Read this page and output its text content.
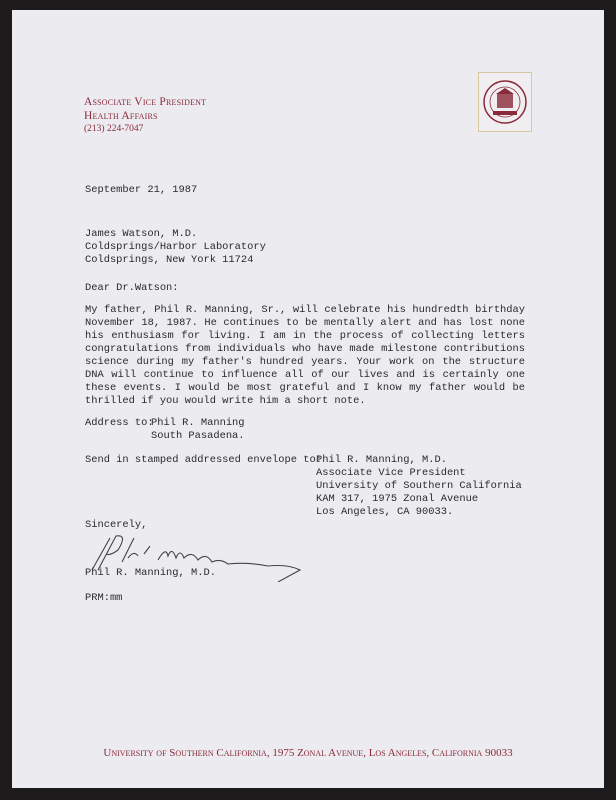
Associate Vice President
Health Affairs
(213) 224-7047
September 21, 1987
James Watson, M.D.
Coldsprings/Harbor Laboratory
Coldsprings, New York 11724
Dear Dr.Watson:
My father, Phil R. Manning, Sr., will celebrate his hundredth birthday
November 18, 1987. He continues to be mentally alert and has lost none
his enthusiasm for living. I am in the process of collecting letters
congratulations from individuals who have made milestone contributions
science during my father's hundred years. Your work on the structure
DNA will continue to influence all of our lives and is certainly one
these events. I would be most grateful and I know my father would be
thrilled if you would write him a short note.
Address to:
Phil R. Manning
South Pasadena.
Send in stamped addressed envelope to:
Phil R. Manning, M.D.
Associate Vice President
University of Southern California
KAM 317, 1975 Zonal Avenue
Los Angeles, CA 90033.
Sincerely,
Phil R. Manning, M.D.
PRM:mm
University of Southern California, 1975 Zonal Avenue, Los Angeles, California 90033
